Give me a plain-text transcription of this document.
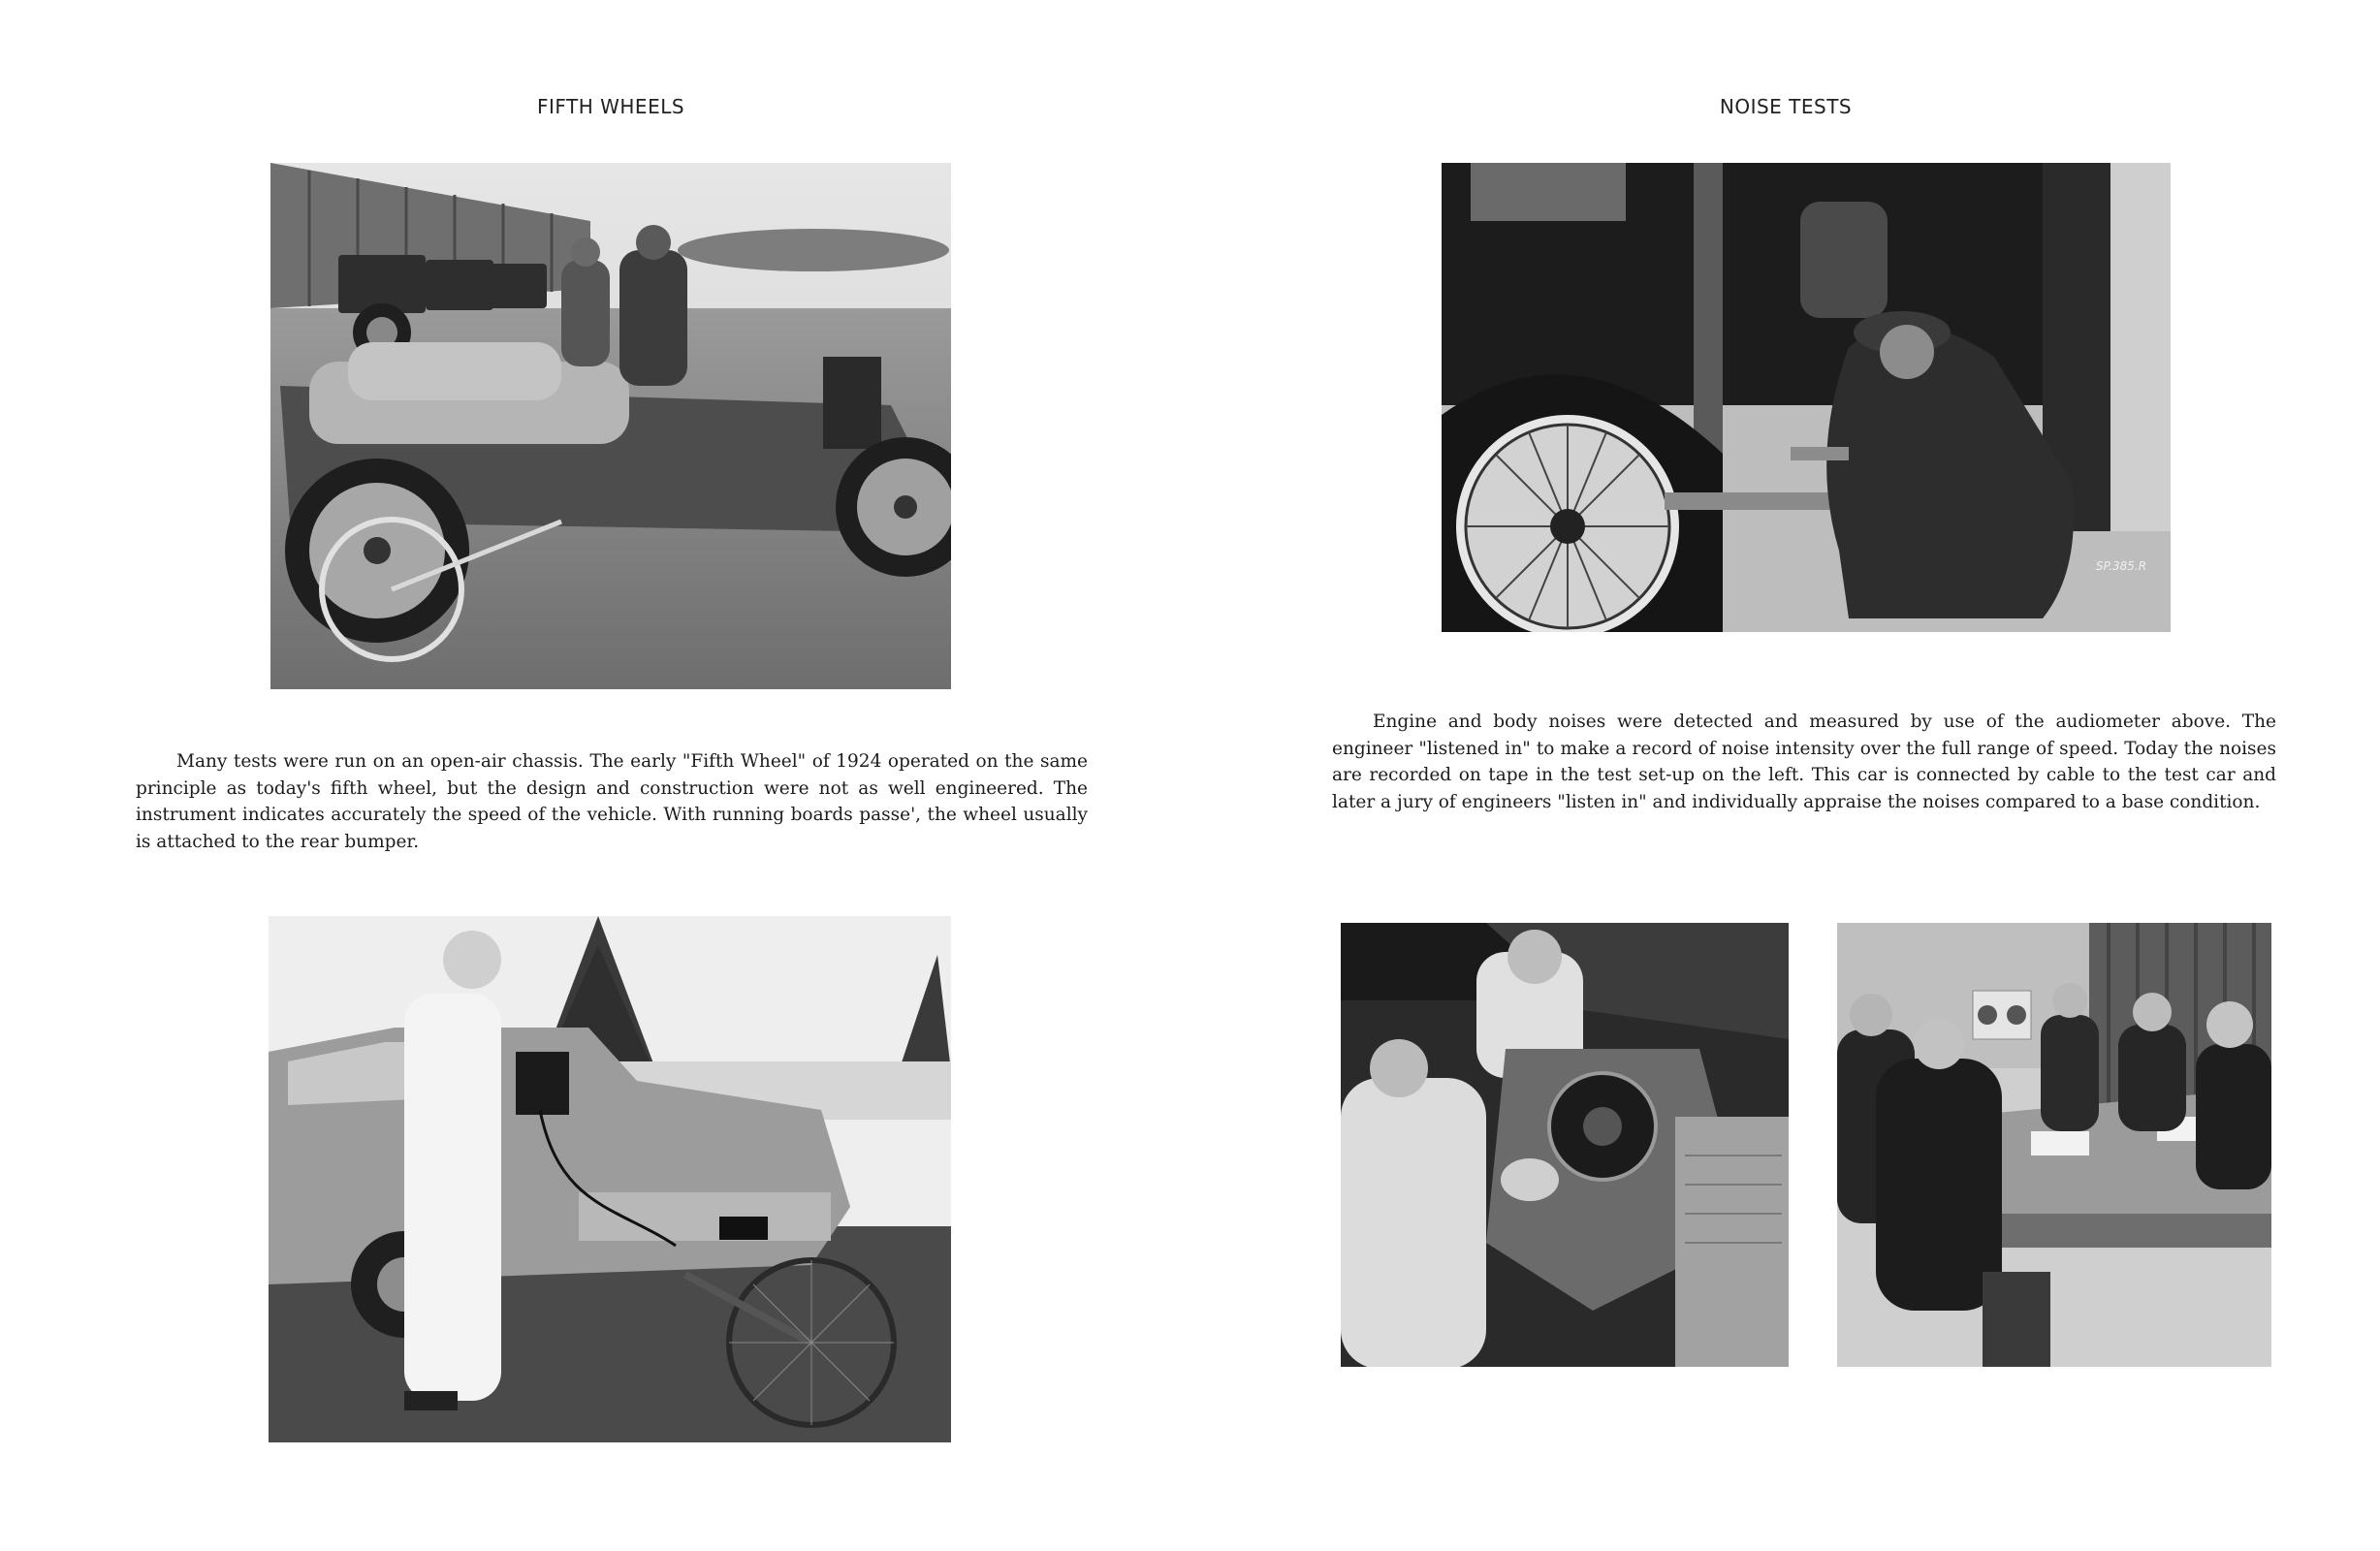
FIFTH WHEELS

Many tests were run on an open-air chassis. The early "Fifth Wheel" of 1924 operated on the same principle as today's fifth wheel, but the design and construction were not as well engineered. The instrument indicates accurately the speed of the vehicle. With running boards passe', the wheel usually is attached to the rear bumper.

NOISE TESTS
SP.385.R

Engine and body noises were detected and measured by use of the audiometer above. The engineer "listened in" to make a record of noise intensity over the full range of speed. Today the noises are recorded on tape in the test set-up on the left. This car is connected by cable to the test car and later a jury of engineers "listen in" and individually appraise the noises compared to a base condition.
